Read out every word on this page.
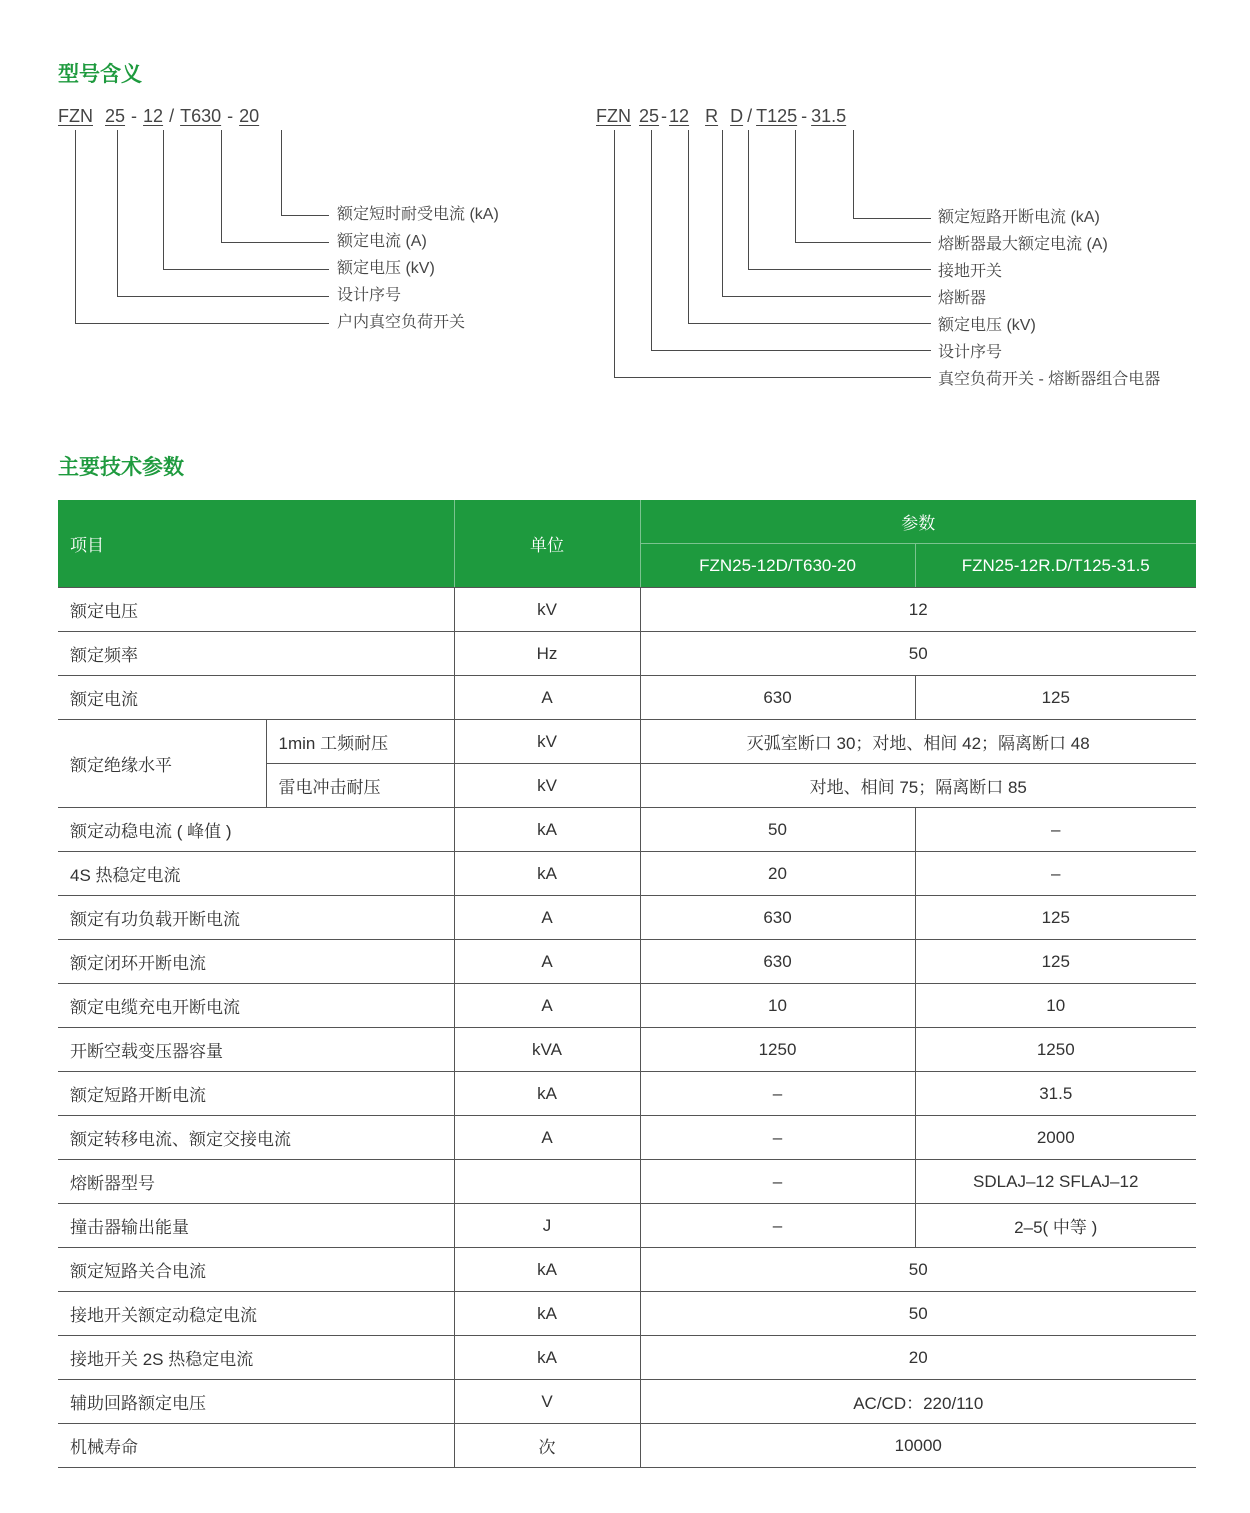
型号含义
FZN 25 - 12 / T630 - 20
额定短时耐受电流 (kA)
额定电流 (A)
额定电压 (kV)
设计序号
户内真空负荷开关
FZN 25 - 12 R D / T125 - 31.5
额定短路开断电流 (kA)
熔断器最大额定电流 (A)
接地开关
熔断器
额定电压 (kV)
设计序号
真空负荷开关 - 熔断器组合电器
主要技术参数
项目		单位	参数	
			FZN25-12D/T630-20	FZN25-12R.D/T125-31.5
额定电压		kV	12	
额定频率		Hz	50	
额定电流		A	630	125
额定绝缘水平	1min 工频耐压	kV	灭弧室断口 30；对地、相间 42；隔离断口 48	
	雷电冲击耐压	kV	对地、相间 75；隔离断口 85	
额定动稳电流 ( 峰值 )		kA	50	–
4S 热稳定电流		kA	20	–
额定有功负载开断电流		A	630	125
额定闭环开断电流		A	630	125
额定电缆充电开断电流		A	10	10
开断空载变压器容量		kVA	1250	1250
额定短路开断电流		kA	–	31.5
额定转移电流、额定交接电流		A	–	2000
熔断器型号			–	SDLAJ–12 SFLAJ–12
撞击器输出能量		J	–	2–5( 中等 )
额定短路关合电流		kA	50	
接地开关额定动稳定电流		kA	50	
接地开关 2S 热稳定电流		kA	20	
辅助回路额定电压		V	AC/CD：220/110	
机械寿命		次	10000	
